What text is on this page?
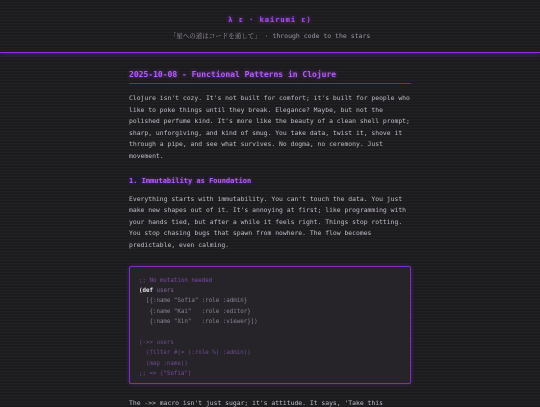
λ ε · kairumi ε)
「星への道はコードを通して」 · through code to the stars
2025-10-08 - Functional Patterns in Clojure

Clojure isn't cozy. It's not built for comfort; it's built for people who like to poke things until they break. Elegance? Maybe, but not the polished perfume kind. It's more like the beauty of a clean shell prompt; sharp, unforgiving, and kind of smug. You take data, twist it, shove it through a pipe, and see what survives. No dogma, no ceremony. Just movement.

1. Immutability as Foundation

Everything starts with immutability. You can't touch the data. You just make new shapes out of it. It's annoying at first; like programming with your hands tied, but after a while it feels right. Things stop rotting. You stop chasing bugs that spawn from nowhere. The flow becomes predictable, even calming.

;; No mutation needed
(def users
[{:name "Sofia" :role :admin}
{:name "Kai"   :role :editor}
{:name "Xin"   :role :viewer}])

(->> users
(filter #(= (:role %) :admin))
(map :name))
;; => ("Sofia")
The ->> macro isn't just sugar; it's attitude. It says, 'Take this
